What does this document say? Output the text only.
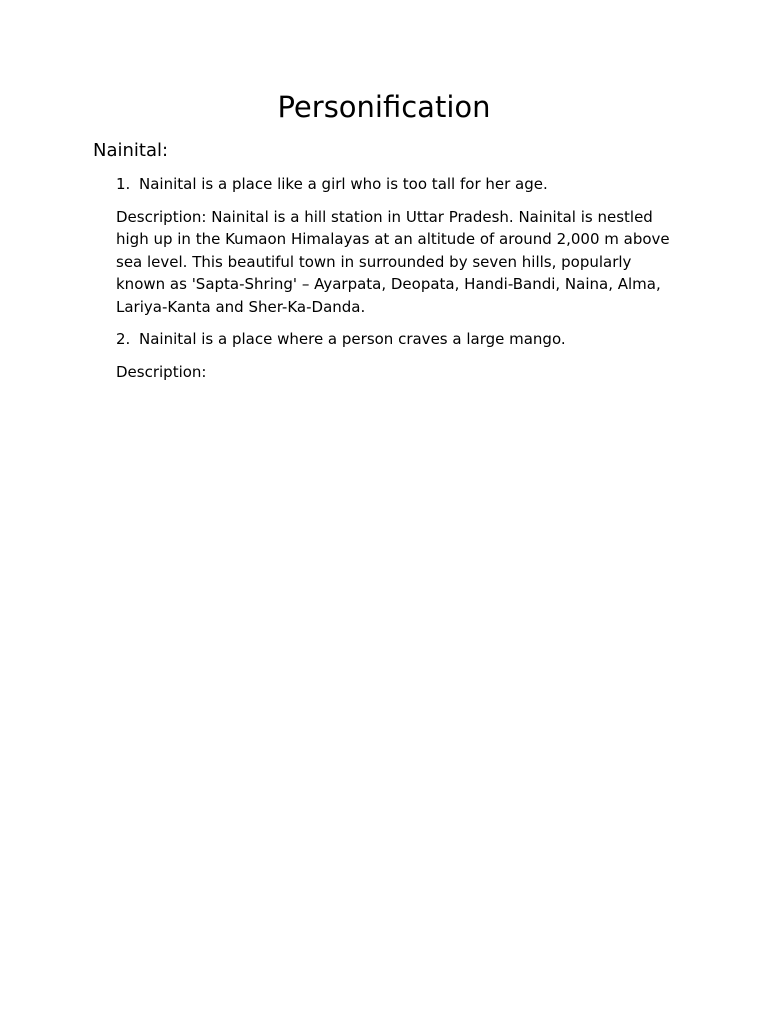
Personification
Nainital:
1. Nainital is a place like a girl who is too tall for her age.

Description: Nainital is a hill station in Uttar Pradesh. Nainital is nestled high up in the Kumaon Himalayas at an altitude of around 2,000 m above sea level. This beautiful town in surrounded by seven hills, popularly known as 'Sapta-Shring' – Ayarpata, Deopata, Handi-Bandi, Naina, Alma, Lariya-Kanta and Sher-Ka-Danda.

2. Nainital is a place where a person craves a large mango.

Description:
